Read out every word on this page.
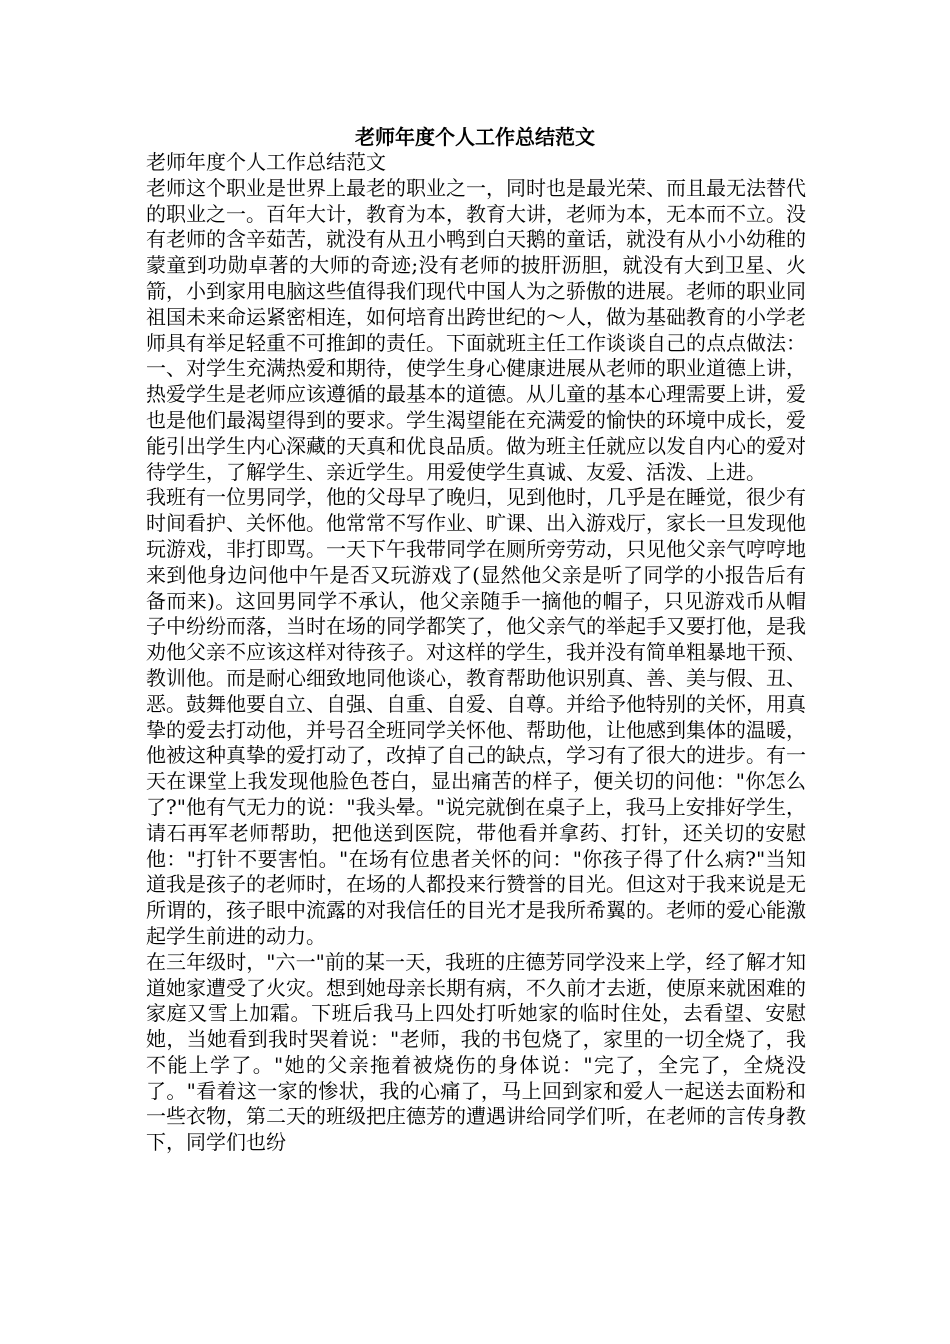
老师年度个人工作总结范文

老师年度个人工作总结范文

老师这个职业是世界上最老的职业之一，同时也是最光荣、而且最无法替代的职业之一。百年大计，教育为本，教育大讲，老师为本，无本而不立。没有老师的含辛茹苦，就没有从丑小鸭到白天鹅的童话，就没有从小小幼稚的蒙童到功勋卓著的大师的奇迹;没有老师的披肝沥胆，就没有大到卫星、火箭，小到家用电脑这些值得我们现代中国人为之骄傲的进展。老师的职业同祖国未来命运紧密相连，如何培育出跨世纪的～人，做为基础教育的小学老师具有举足轻重不可推卸的责任。下面就班主任工作谈谈自己的点点做法：

一、对学生充满热爱和期待，使学生身心健康进展从老师的职业道德上讲，热爱学生是老师应该遵循的最基本的道德。从儿童的基本心理需要上讲，爱也是他们最渴望得到的要求。学生渴望能在充满爱的愉快的环境中成长，爱能引出学生内心深藏的天真和优良品质。做为班主任就应以发自内心的爱对待学生，了解学生、亲近学生。用爱使学生真诚、友爱、活泼、上进。

我班有一位男同学，他的父母早了晚归，见到他时，几乎是在睡觉，很少有时间看护、关怀他。他常常不写作业、旷课、出入游戏厅，家长一旦发现他玩游戏，非打即骂。一天下午我带同学在厕所旁劳动，只见他父亲气哼哼地来到他身边问他中午是否又玩游戏了(显然他父亲是听了同学的小报告后有备而来)。这回男同学不承认，他父亲随手一摘他的帽子，只见游戏币从帽子中纷纷而落，当时在场的同学都笑了，他父亲气的举起手又要打他，是我劝他父亲不应该这样对待孩子。对这样的学生，我并没有简单粗暴地干预、教训他。而是耐心细致地同他谈心，教育帮助他识别真、善、美与假、丑、恶。鼓舞他要自立、自强、自重、自爱、自尊。并给予他特别的关怀，用真挚的爱去打动他，并号召全班同学关怀他、帮助他，让他感到集体的温暖，他被这种真挚的爱打动了，改掉了自己的缺点，学习有了很大的进步。有一天在课堂上我发现他脸色苍白，显出痛苦的样子，便关切的问他："你怎么了?"他有气无力的说："我头晕。"说完就倒在桌子上，我马上安排好学生，请石再军老师帮助，把他送到医院，带他看并拿药、打针，还关切的安慰他："打针不要害怕。"在场有位患者关怀的问："你孩子得了什么病?"当知道我是孩子的老师时，在场的人都投来行赞誉的目光。但这对于我来说是无所谓的，孩子眼中流露的对我信任的目光才是我所希翼的。老师的爱心能激起学生前进的动力。

在三年级时，"六一"前的某一天，我班的庄德芳同学没来上学，经了解才知道她家遭受了火灾。想到她母亲长期有病，不久前才去逝，使原来就困难的家庭又雪上加霜。下班后我马上四处打听她家的临时住处，去看望、安慰她，当她看到我时哭着说："老师，我的书包烧了，家里的一切全烧了，我不能上学了。"她的父亲拖着被烧伤的身体说："完了，全完了，全烧没了。"看着这一家的惨状，我的心痛了，马上回到家和爱人一起送去面粉和一些衣物，第二天的班级把庄德芳的遭遇讲给同学们听，在老师的言传身教下，同学们也纷
